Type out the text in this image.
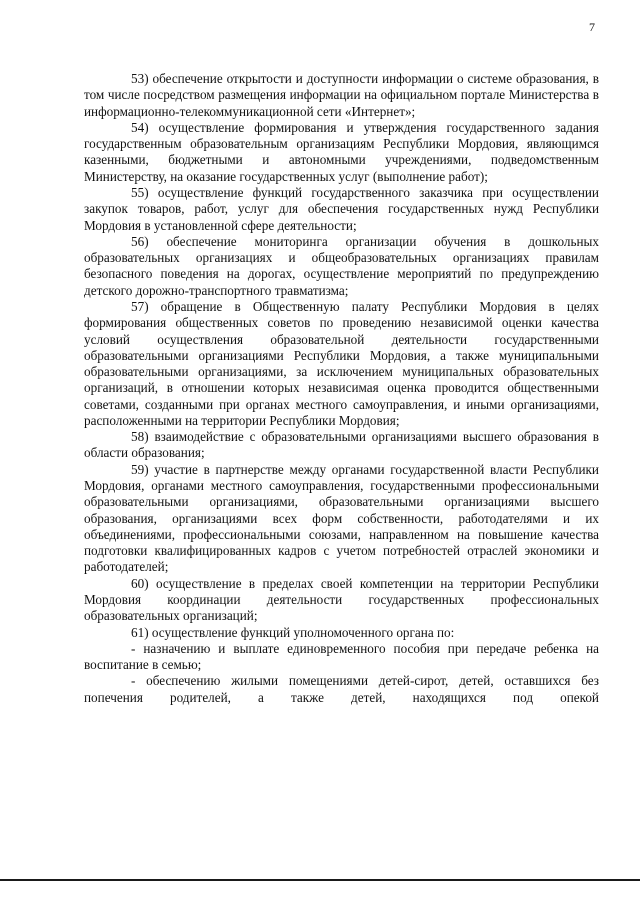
7

53) обеспечение открытости и доступности информации о системе образования, в том числе посредством размещения информации на официальном портале Министерства в информационно-телекоммуникационной сети «Интернет»;

54) осуществление формирования и утверждения государственного задания государственным образовательным организациям Республики Мордовия, являющимся казенными, бюджетными и автономными учреждениями, подведомственным Министерству, на оказание государственных услуг (выполнение работ);

55) осуществление функций государственного заказчика при осуществлении закупок товаров, работ, услуг для обеспечения государственных нужд Республики Мордовия в установленной сфере деятельности;

56) обеспечение мониторинга организации обучения в дошкольных образовательных организациях и общеобразовательных организациях правилам безопасного поведения на дорогах, осуществление мероприятий по предупреждению детского дорожно-транспортного травматизма;

57) обращение в Общественную палату Республики Мордовия в целях формирования общественных советов по проведению независимой оценки качества условий осуществления образовательной деятельности государственными образовательными организациями Республики Мордовия, а также муниципальными образовательными организациями, за исключением муниципальных образовательных организаций, в отношении которых независимая оценка проводится общественными советами, созданными при органах местного самоуправления, и иными организациями, расположенными на территории Республики Мордовия;

58) взаимодействие с образовательными организациями высшего образования в области образования;

59) участие в партнерстве между органами государственной власти Республики Мордовия, органами местного самоуправления, государственными профессиональными образовательными организациями, образовательными организациями высшего образования, организациями всех форм собственности, работодателями и их объединениями, профессиональными союзами, направленном на повышение качества подготовки квалифицированных кадров с учетом потребностей отраслей экономики и работодателей;

60) осуществление в пределах своей компетенции на территории Республики Мордовия координации деятельности государственных профессиональных образовательных организаций;

61) осуществление функций уполномоченного органа по:

- назначению и выплате единовременного пособия при передаче ребенка на воспитание в семью;

- обеспечению жилыми помещениями детей-сирот, детей, оставшихся без попечения родителей, а также детей, находящихся под опекой
